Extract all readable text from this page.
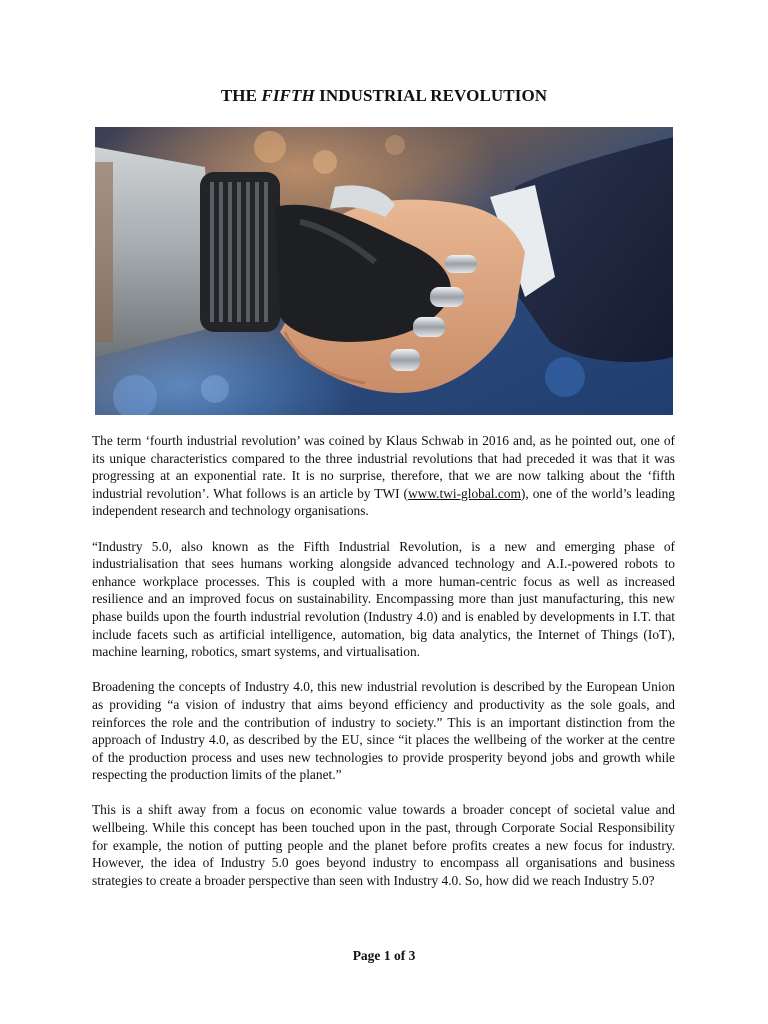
THE FIFTH INDUSTRIAL REVOLUTION

The term ‘fourth industrial revolution’ was coined by Klaus Schwab in 2016 and, as he pointed out, one of its unique characteristics compared to the three industrial revolutions that had preceded it was that it was progressing at an exponential rate. It is no surprise, therefore, that we are now talking about the ‘fifth industrial revolution’. What follows is an article by TWI (www.twi-global.com), one of the world’s leading independent research and technology organisations.

“Industry 5.0, also known as the Fifth Industrial Revolution, is a new and emerging phase of industrialisation that sees humans working alongside advanced technology and A.I.-powered robots to enhance workplace processes. This is coupled with a more human-centric focus as well as increased resilience and an improved focus on sustainability. Encompassing more than just manufacturing, this new phase builds upon the fourth industrial revolution (Industry 4.0) and is enabled by developments in I.T. that include facets such as artificial intelligence, automation, big data analytics, the Internet of Things (IoT), machine learning, robotics, smart systems, and virtualisation.

Broadening the concepts of Industry 4.0, this new industrial revolution is described by the European Union as providing “a vision of industry that aims beyond efficiency and productivity as the sole goals, and reinforces the role and the contribution of industry to society.” This is an important distinction from the approach of Industry 4.0, as described by the EU, since “it places the wellbeing of the worker at the centre of the production process and uses new technologies to provide prosperity beyond jobs and growth while respecting the production limits of the planet.”

This is a shift away from a focus on economic value towards a broader concept of societal value and wellbeing. While this concept has been touched upon in the past, through Corporate Social Responsibility for example, the notion of putting people and the planet before profits creates a new focus for industry. However, the idea of Industry 5.0 goes beyond industry to encompass all organisations and business strategies to create a broader perspective than seen with Industry 4.0. So, how did we reach Industry 5.0?

Page 1 of 3
